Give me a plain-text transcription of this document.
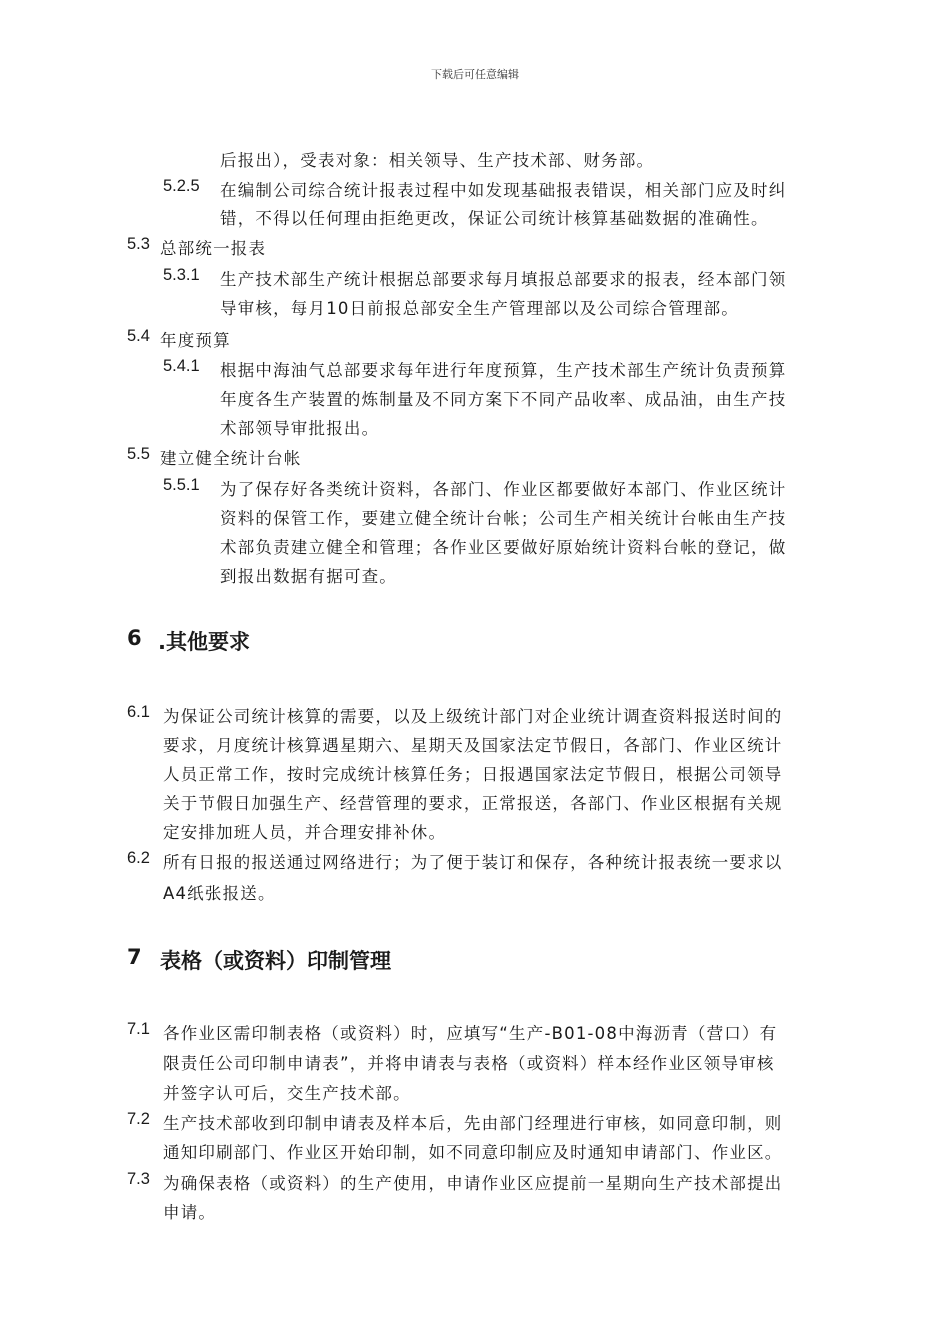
下载后可任意编辑
后报出），受表对象：相关领导、生产技术部、财务部。
5.2.5 在编制公司综合统计报表过程中如发现基础报表错误，相关部门应及时纠
错，不得以任何理由拒绝更改，保证公司统计核算基础数据的准确性。
5.3 总部统一报表
5.3.1 生产技术部生产统计根据总部要求每月填报总部要求的报表，经本部门领
导审核，每月10日前报总部安全生产管理部以及公司综合管理部。
5.4 年度预算
5.4.1 根据中海油气总部要求每年进行年度预算，生产技术部生产统计负责预算
年度各生产装置的炼制量及不同方案下不同产品收率、成品油，由生产技
术部领导审批报出。
5.5 建立健全统计台帐
5.5.1 为了保存好各类统计资料，各部门、作业区都要做好本部门、作业区统计
资料的保管工作，要建立健全统计台帐；公司生产相关统计台帐由生产技
术部负责建立健全和管理；各作业区要做好原始统计资料台帐的登记，做
到报出数据有据可查。
6 .其他要求
6.1 为保证公司统计核算的需要，以及上级统计部门对企业统计调查资料报送时间的
要求，月度统计核算遇星期六、星期天及国家法定节假日，各部门、作业区统计
人员正常工作，按时完成统计核算任务；日报遇国家法定节假日，根据公司领导
关于节假日加强生产、经营管理的要求，正常报送，各部门、作业区根据有关规
定安排加班人员，并合理安排补休。
6.2 所有日报的报送通过网络进行；为了便于装订和保存，各种统计报表统一要求以
A4纸张报送。
7 表格（或资料）印制管理
7.1 各作业区需印制表格（或资料）时，应填写“生产-B01-08中海沥青（营口）有
限责任公司印制申请表”，并将申请表与表格（或资料）样本经作业区领导审核
并签字认可后，交生产技术部。
7.2 生产技术部收到印制申请表及样本后，先由部门经理进行审核，如同意印制，则
通知印刷部门、作业区开始印制，如不同意印制应及时通知申请部门、作业区。
7.3 为确保表格（或资料）的生产使用，申请作业区应提前一星期向生产技术部提出
申请。
